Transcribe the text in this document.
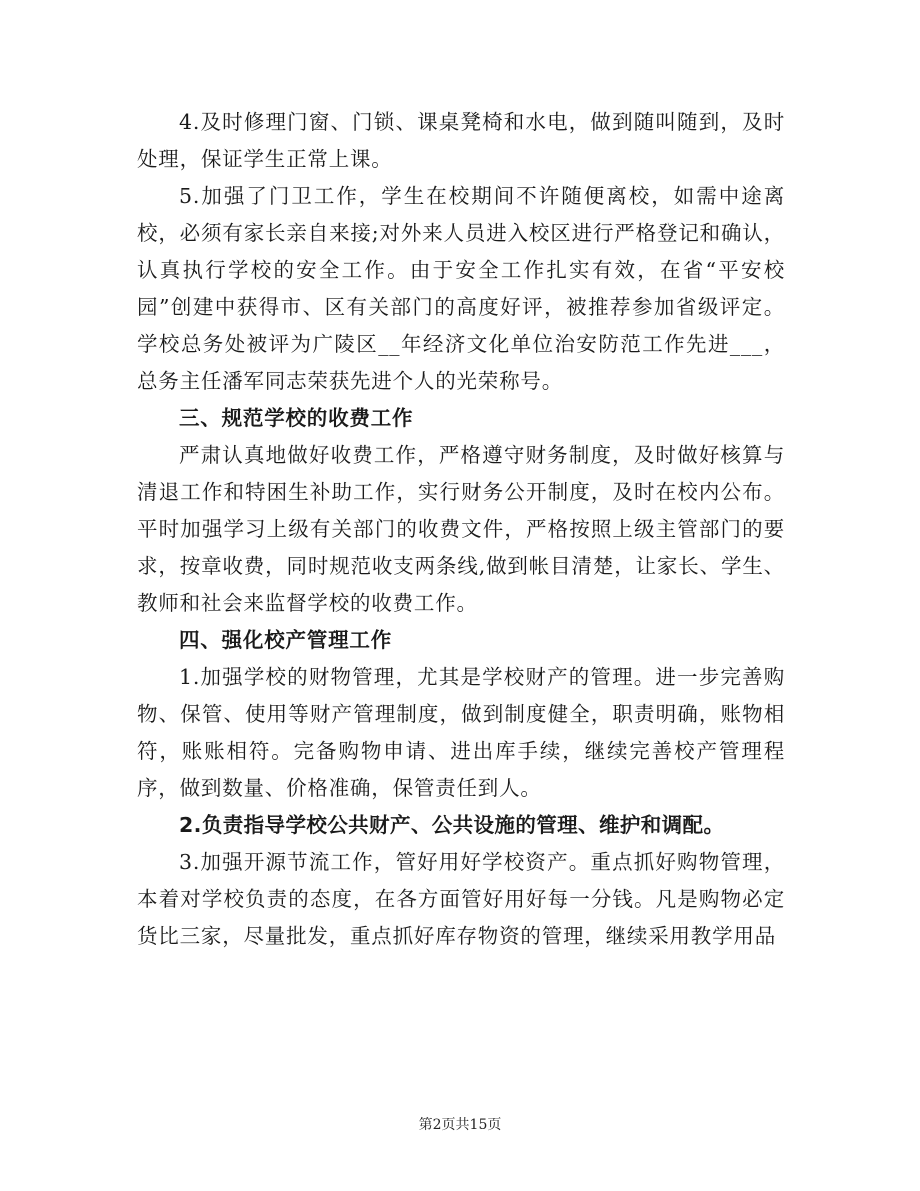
4.及时修理门窗、门锁、课桌凳椅和水电，做到随叫随到，及时处理，保证学生正常上课。

5.加强了门卫工作，学生在校期间不许随便离校，如需中途离校，必须有家长亲自来接;对外来人员进入校区进行严格登记和确认，认真执行学校的安全工作。由于安全工作扎实有效，在省“平安校园”创建中获得市、区有关部门的高度好评，被推荐参加省级评定。学校总务处被评为广陵区__年经济文化单位治安防范工作先进___，总务主任潘军同志荣获先进个人的光荣称号。

三、规范学校的收费工作

严肃认真地做好收费工作，严格遵守财务制度，及时做好核算与清退工作和特困生补助工作，实行财务公开制度，及时在校内公布。平时加强学习上级有关部门的收费文件，严格按照上级主管部门的要求，按章收费，同时规范收支两条线,做到帐目清楚，让家长、学生、教师和社会来监督学校的收费工作。

四、强化校产管理工作

1.加强学校的财物管理，尤其是学校财产的管理。进一步完善购物、保管、使用等财产管理制度，做到制度健全，职责明确，账物相符，账账相符。完备购物申请、进出库手续，继续完善校产管理程序，做到数量、价格准确，保管责任到人。

2.负责指导学校公共财产、公共设施的管理、维护和调配。

3.加强开源节流工作，管好用好学校资产。重点抓好购物管理，本着对学校负责的态度，在各方面管好用好每一分钱。凡是购物必定货比三家，尽量批发，重点抓好库存物资的管理，继续采用教学用品

第2页共15页
